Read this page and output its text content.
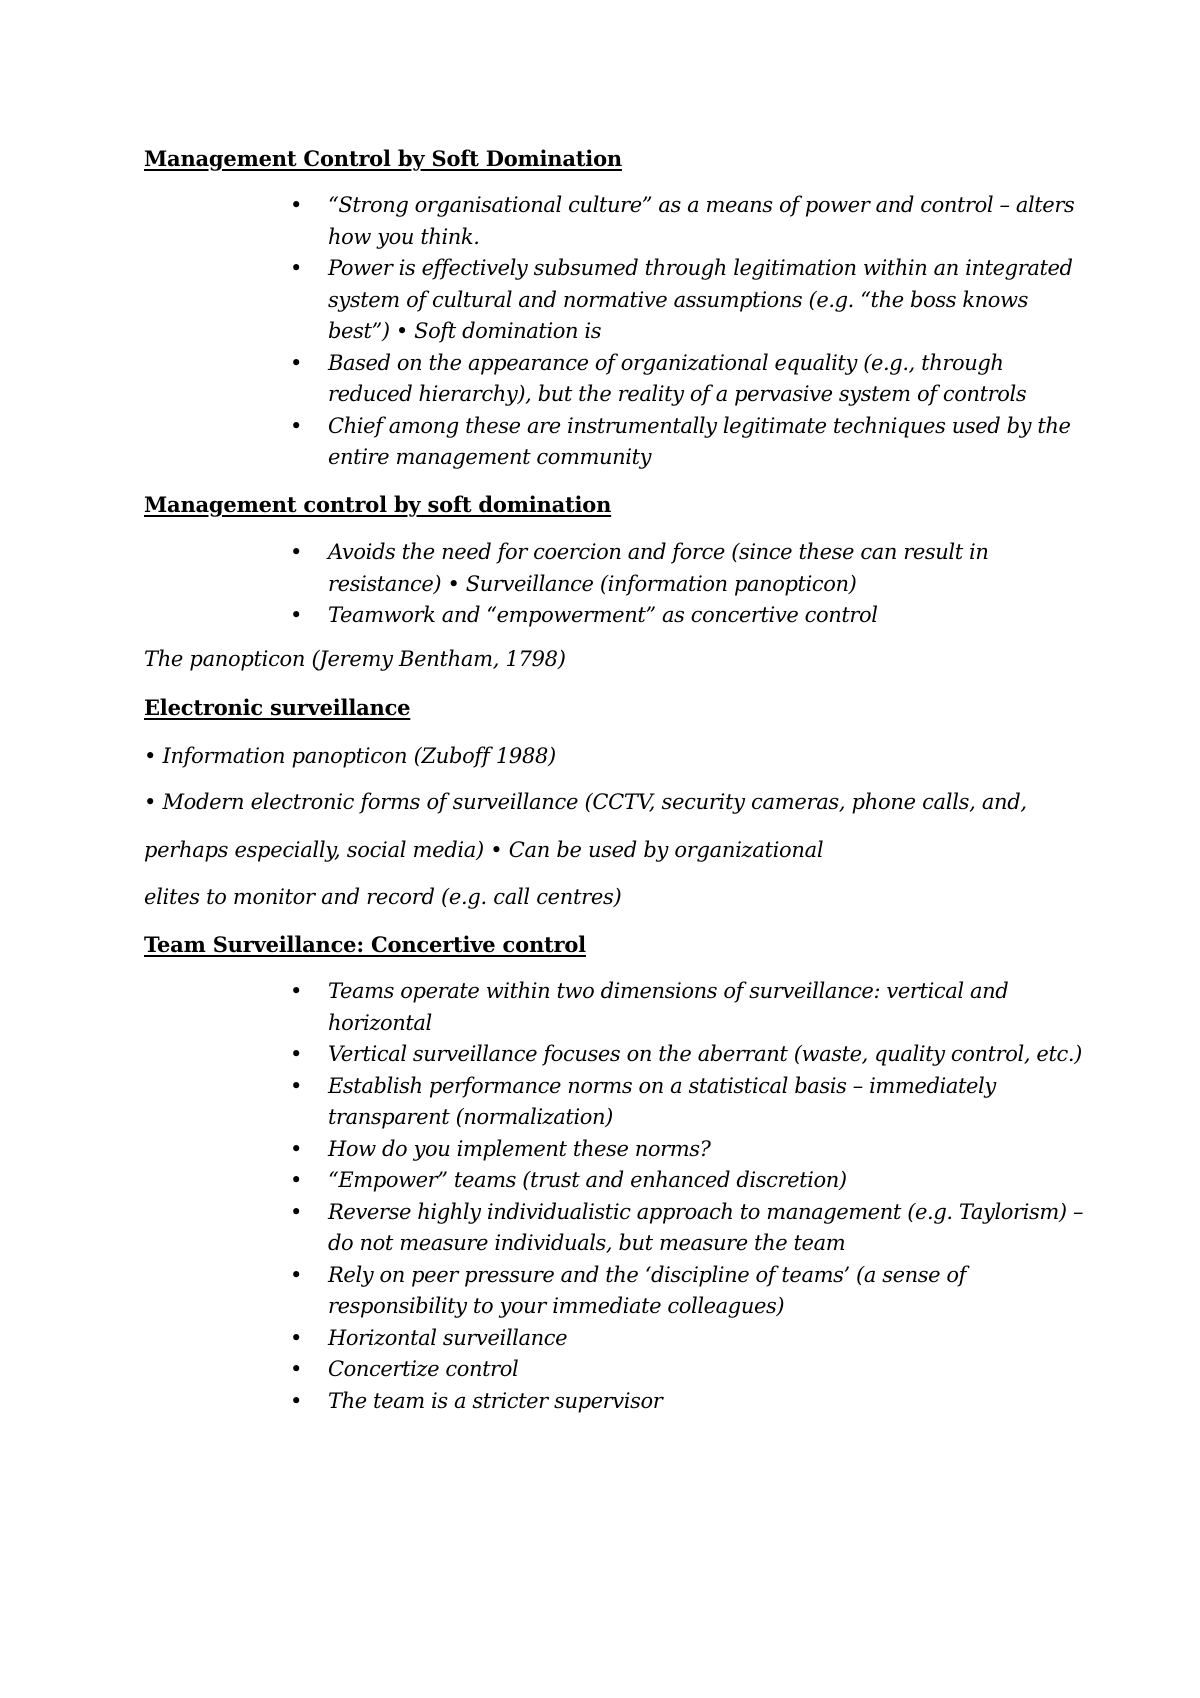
Management Control by Soft Domination
• “Strong organisational culture” as a means of power and control – alters how you think.
• Power is effectively subsumed through legitimation within an integrated system of cultural and normative assumptions (e.g. “the boss knows best”) • Soft domination is
• Based on the appearance of organizational equality (e.g., through reduced hierarchy), but the reality of a pervasive system of controls
• Chief among these are instrumentally legitimate techniques used by the entire management community
Management control by soft domination
• Avoids the need for coercion and force (since these can result in resistance) • Surveillance (information panopticon)
• Teamwork and “empowerment” as concertive control

The panopticon (Jeremy Bentham, 1798)

Electronic surveillance

• Information panopticon (Zuboff 1988)

• Modern electronic forms of surveillance (CCTV, security cameras, phone calls, and,

perhaps especially, social media) • Can be used by organizational

elites to monitor and record (e.g. call centres)

Team Surveillance: Concertive control
• Teams operate within two dimensions of surveillance: vertical and horizontal
• Vertical surveillance focuses on the aberrant (waste, quality control, etc.)
• Establish performance norms on a statistical basis – immediately transparent (normalization)
• How do you implement these norms?
• “Empower” teams (trust and enhanced discretion)
• Reverse highly individualistic approach to management (e.g. Taylorism) – do not measure individuals, but measure the team
• Rely on peer pressure and the ‘discipline of teams’ (a sense of responsibility to your immediate colleagues)
• Horizontal surveillance
• Concertize control
• The team is a stricter supervisor
